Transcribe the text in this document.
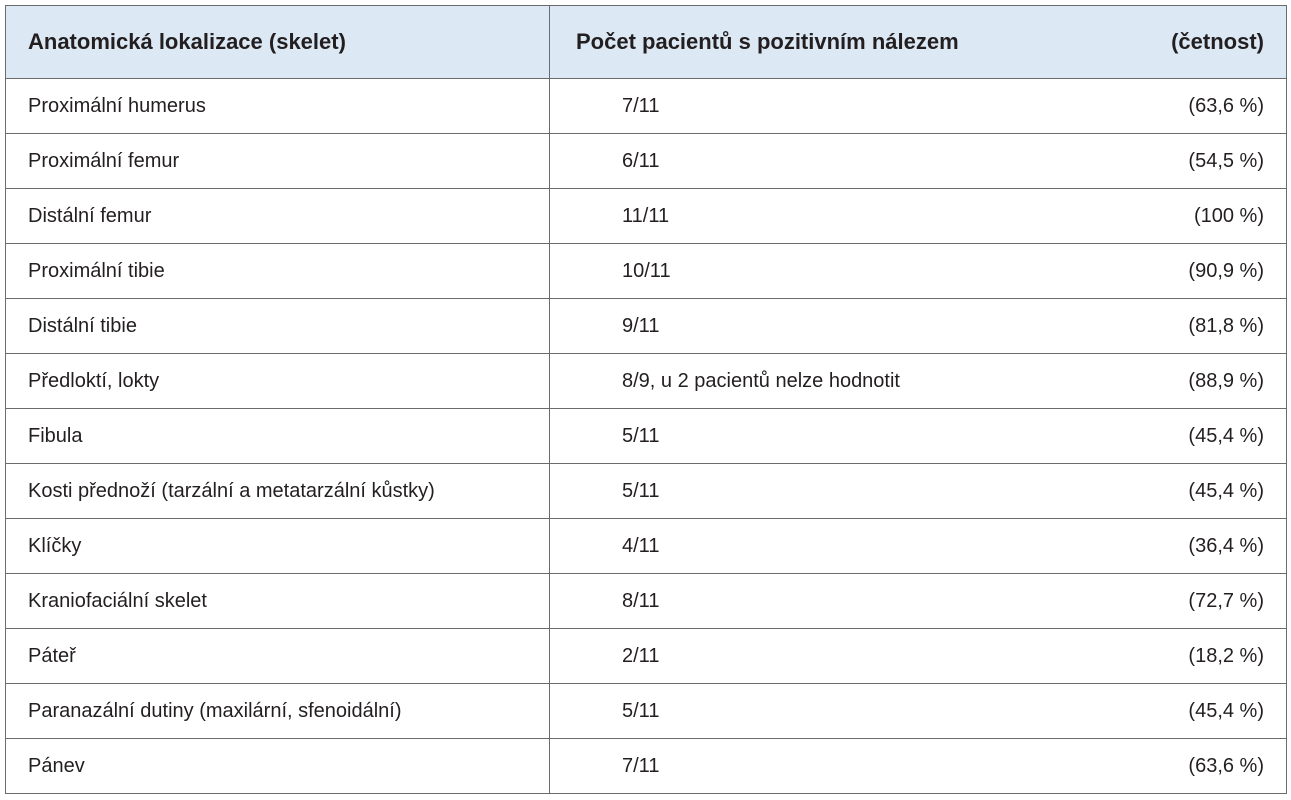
Anatomická lokalizace (skelet)	Počet pacientů s pozitivním nálezem (četnost)

Proximální humerus	7/11 (63,6 %)

Proximální femur	6/11 (54,5 %)

Distální femur	11/11 (100 %)

Proximální tibie	10/11 (90,9 %)

Distální tibie	9/11 (81,8 %)

Předloktí, lokty	8/9, u 2 pacientů nelze hodnotit (88,9 %)

Fibula	5/11 (45,4 %)

Kosti přednoží (tarzální a metatarzální kůstky)	5/11 (45,4 %)

Klíčky	4/11 (36,4 %)

Kraniofaciální skelet	8/11 (72,7 %)

Páteř	2/11 (18,2 %)

Paranazální dutiny (maxilární, sfenoidální)	5/11 (45,4 %)

Pánev	7/11 (63,6 %)
